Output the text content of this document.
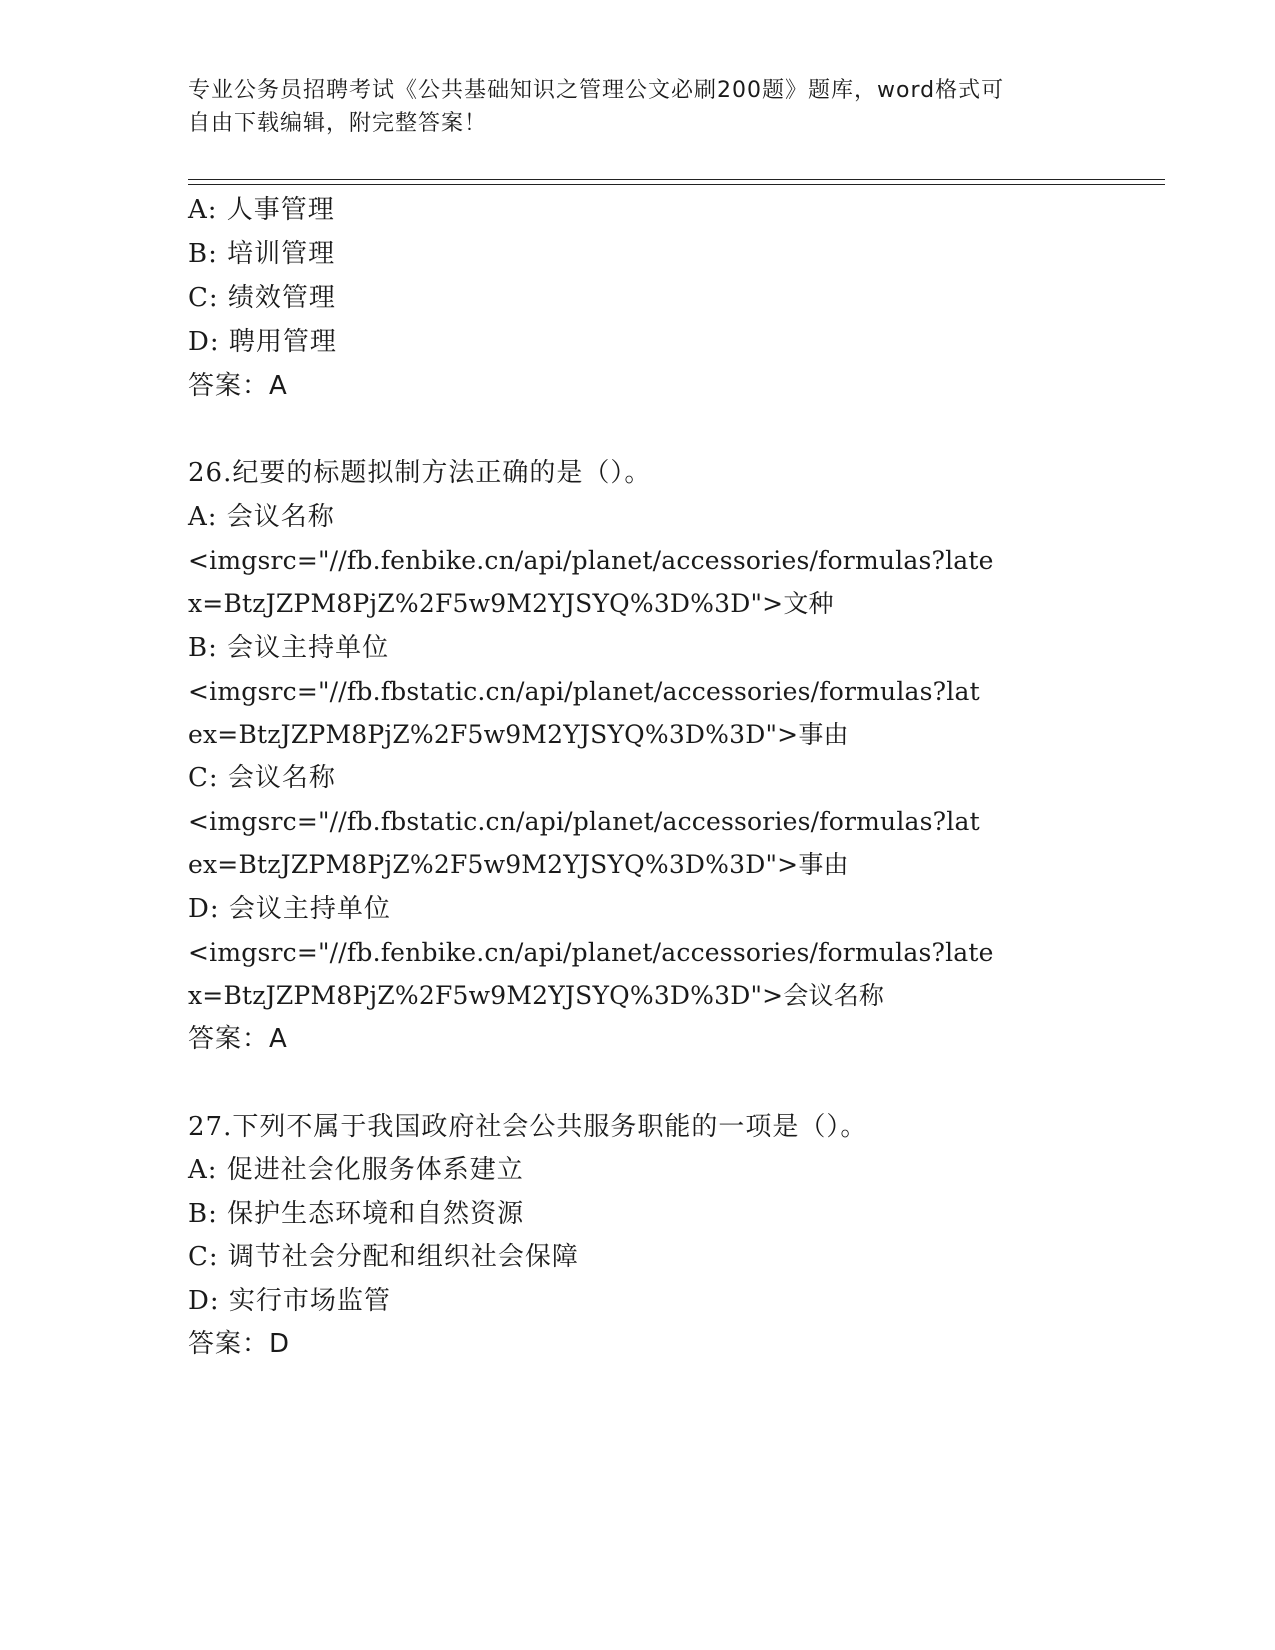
专业公务员招聘考试《公共基础知识之管理公文必刷200题》题库，word格式可
自由下载编辑，附完整答案！
A: 人事管理
B: 培训管理
C: 绩效管理
D: 聘用管理
答案：A
26.纪要的标题拟制方法正确的是（）。
A: 会议名称
<imgsrc="//fb.fenbike.cn/api/planet/accessories/formulas?late
x=BtzJZPM8PjZ%2F5w9M2YJSYQ%3D%3D">文种
B: 会议主持单位
<imgsrc="//fb.fbstatic.cn/api/planet/accessories/formulas?lat
ex=BtzJZPM8PjZ%2F5w9M2YJSYQ%3D%3D">事由
C: 会议名称
<imgsrc="//fb.fbstatic.cn/api/planet/accessories/formulas?lat
ex=BtzJZPM8PjZ%2F5w9M2YJSYQ%3D%3D">事由
D: 会议主持单位
<imgsrc="//fb.fenbike.cn/api/planet/accessories/formulas?late
x=BtzJZPM8PjZ%2F5w9M2YJSYQ%3D%3D">会议名称
答案：A
27.下列不属于我国政府社会公共服务职能的一项是（）。
A: 促进社会化服务体系建立
B: 保护生态环境和自然资源
C: 调节社会分配和组织社会保障
D: 实行市场监管
答案：D
